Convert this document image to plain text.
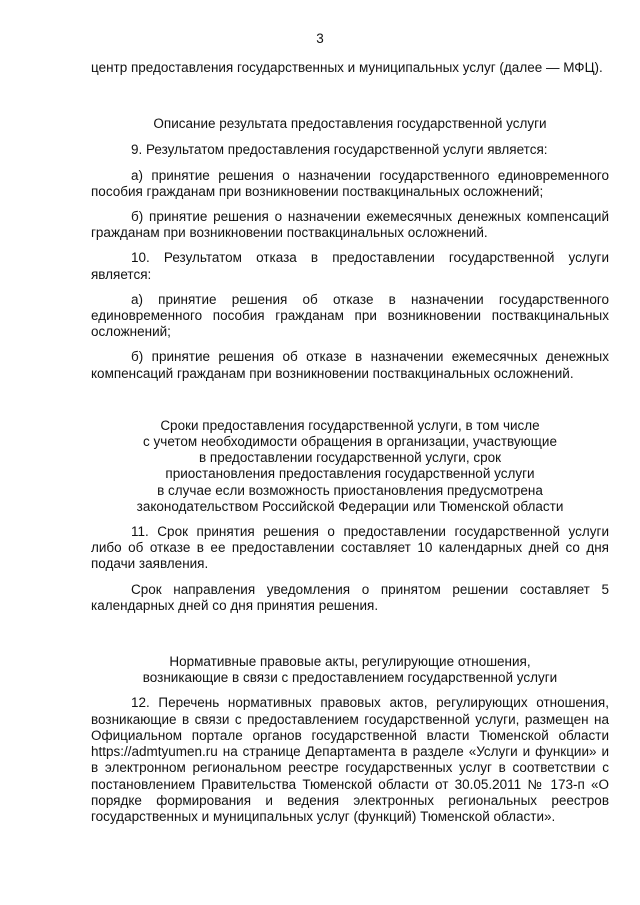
3

центр предоставления государственных и муниципальных услуг (далее — МФЦ).

Описание результата предоставления государственной услуги

9. Результатом предоставления государственной услуги является:

а) принятие решения о назначении государственного единовременного пособия гражданам при возникновении поствакцинальных осложнений;

б) принятие решения о назначении ежемесячных денежных компенсаций гражданам при возникновении поствакцинальных осложнений.

10. Результатом отказа в предоставлении государственной услуги является:

а) принятие решения об отказе в назначении государственного единовременного пособия гражданам при возникновении поствакцинальных осложнений;

б) принятие решения об отказе в назначении ежемесячных денежных компенсаций гражданам при возникновении поствакцинальных осложнений.

Сроки предоставления государственной услуги, в том числе
с учетом необходимости обращения в организации, участвующие
в предоставлении государственной услуги, срок
приостановления предоставления государственной услуги
в случае если возможность приостановления предусмотрена
законодательством Российской Федерации или Тюменской области

11. Срок принятия решения о предоставлении государственной услуги либо об отказе в ее предоставлении составляет 10 календарных дней со дня подачи заявления.

Срок направления уведомления о принятом решении составляет 5 календарных дней со дня принятия решения.

Нормативные правовые акты, регулирующие отношения,
возникающие в связи с предоставлением государственной услуги

12. Перечень нормативных правовых актов, регулирующих отношения, возникающие в связи с предоставлением государственной услуги, размещен на Официальном портале органов государственной власти Тюменской области https://admtyumen.ru на странице Департамента в разделе «Услуги и функции» и в электронном региональном реестре государственных услуг в соответствии с постановлением Правительства Тюменской области от 30.05.2011 № 173-п «О порядке формирования и ведения электронных региональных реестров государственных и муниципальных услуг (функций) Тюменской области».
